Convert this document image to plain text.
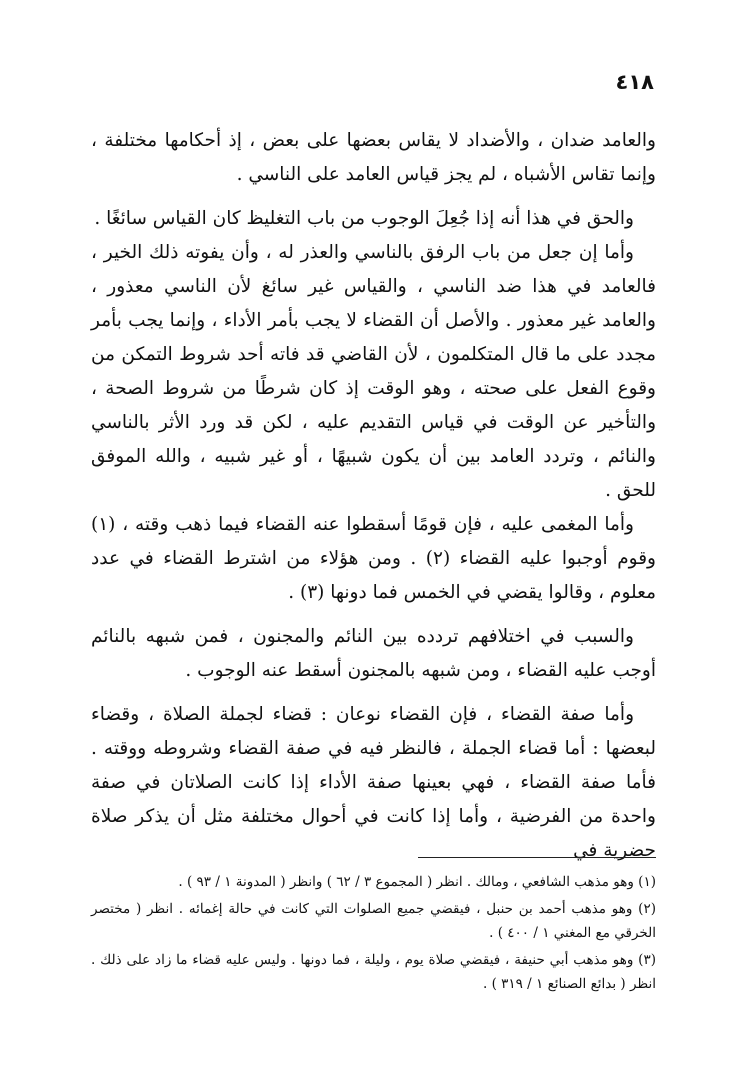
٤١٨

والعامد ضدان ، والأضداد لا يقاس بعضها على بعض ، إذ أحكامها مختلفة ، وإنما تقاس الأشباه ، لم يجز قياس العامد على الناسي .

والحق في هذا أنه إذا جُعِلَ الوجوب من باب التغليظ كان القياس سائغًا .

وأما إن جعل من باب الرفق بالناسي والعذر له ، وأن يفوته ذلك الخير ، فالعامد في هذا ضد الناسي ، والقياس غير سائغ لأن الناسي معذور ، والعامد غير معذور . والأصل أن القضاء لا يجب بأمر الأداء ، وإنما يجب بأمر مجدد على ما قال المتكلمون ، لأن القاضي قد فاته أحد شروط التمكن من وقوع الفعل على صحته ، وهو الوقت إذ كان شرطًا من شروط الصحة ، والتأخير عن الوقت في قياس التقديم عليه ، لكن قد ورد الأثر بالناسي والنائم ، وتردد العامد بين أن يكون شبيهًا ، أو غير شبيه ، والله الموفق للحق .

وأما المغمى عليه ، فإن قومًا أسقطوا عنه القضاء فيما ذهب وقته ، (١) وقوم أوجبوا عليه القضاء (٢) . ومن هؤلاء من اشترط القضاء في عدد معلوم ، وقالوا يقضي في الخمس فما دونها (٣) .

والسبب في اختلافهم تردده بين النائم والمجنون ، فمن شبهه بالنائم أوجب عليه القضاء ، ومن شبهه بالمجنون أسقط عنه الوجوب .

وأما صفة القضاء ، فإن القضاء نوعان : قضاء لجملة الصلاة ، وقضاء لبعضها : أما قضاء الجملة ، فالنظر فيه في صفة القضاء وشروطه ووقته . فأما صفة القضاء ، فهي بعينها صفة الأداء إذا كانت الصلاتان في صفة واحدة من الفرضية ، وأما إذا كانت في أحوال مختلفة مثل أن يذكر صلاة حضرية في

(١) وهو مذهب الشافعي ، ومالك . انظر ( المجموع ٣ / ٦٢ ) وانظر ( المدونة ١ / ٩٣ ) .

(٢) وهو مذهب أحمد بن حنبل ، فيقضي جميع الصلوات التي كانت في حالة إغمائه . انظر ( مختصر الخرقي مع المغني ١ / ٤٠٠ ) .

(٣) وهو مذهب أبي حنيفة ، فيقضي صلاة يوم ، وليلة ، فما دونها . وليس عليه قضاء ما زاد على ذلك . انظر ( بدائع الصنائع ١ / ٣١٩ ) .
